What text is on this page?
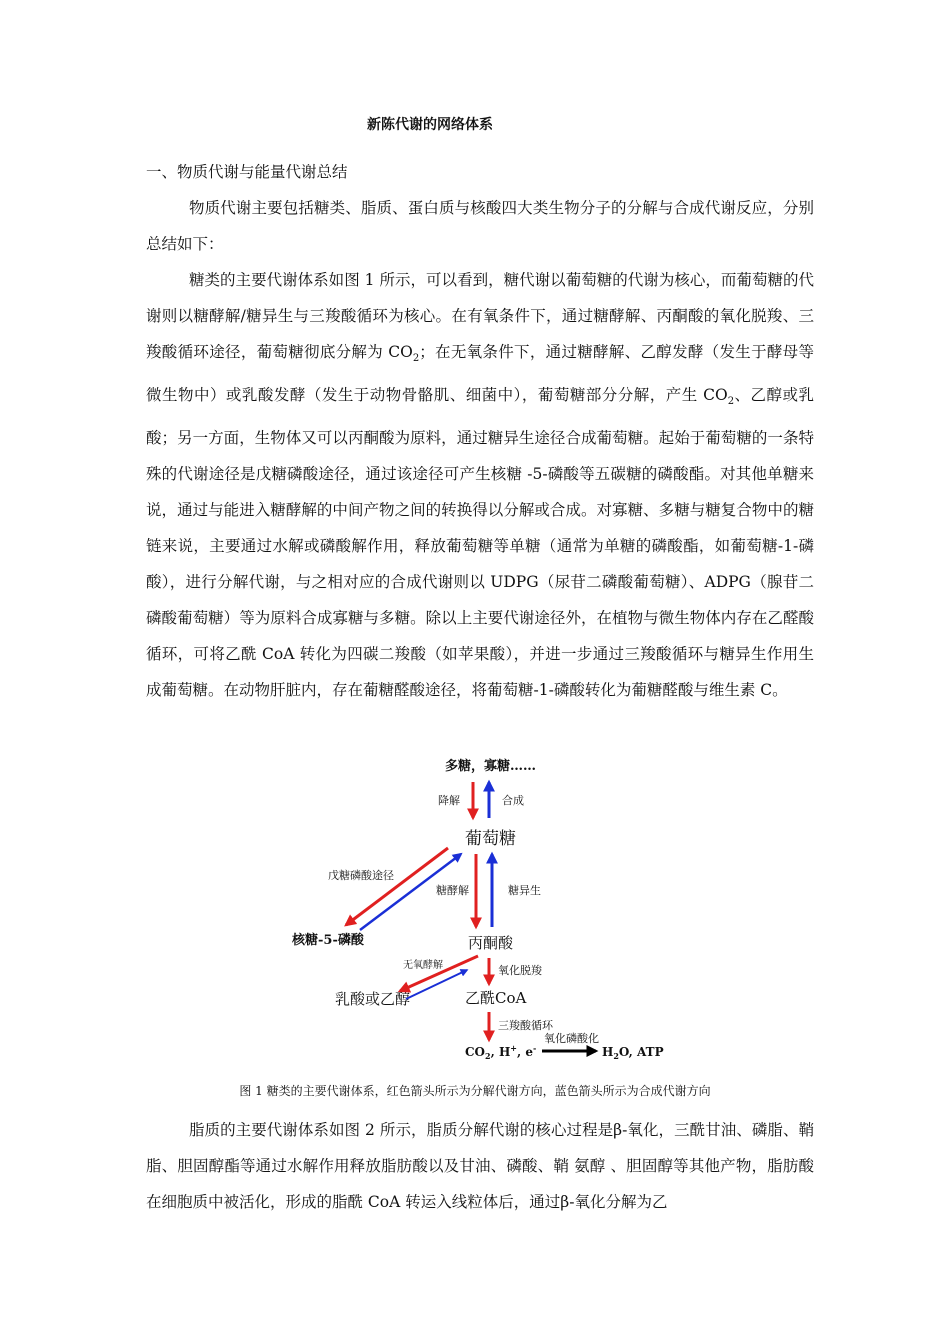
新陈代谢的网络体系
一、物质代谢与能量代谢总结

物质代谢主要包括糖类、脂质、蛋白质与核酸四大类生物分子的分解与合成代谢反应，分别总结如下：

糖类的主要代谢体系如图 1 所示，可以看到，糖代谢以葡萄糖的代谢为核心，而葡萄糖的代谢则以糖酵解/糖异生与三羧酸循环为核心。在有氧条件下，通过糖酵解、丙酮酸的氧化脱羧、三羧酸循环途径，葡萄糖彻底分解为 $CO_2$；在无氧条件下，通过糖酵解、乙醇发酵（发生于酵母等微生物中）或乳酸发酵（发生于动物骨骼肌、细菌中），葡萄糖部分分解，产生 $CO_2$、乙醇或乳酸；另一方面，生物体又可以丙酮酸为原料，通过糖异生途径合成葡萄糖。起始于葡萄糖的一条特殊的代谢途径是戊糖磷酸途径，通过该途径可产生核糖 -5-磷酸等五碳糖的磷酸酯。对其他单糖来说，通过与能进入糖酵解的中间产物之间的转换得以分解或合成。对寡糖、多糖与糖复合物中的糖链来说，主要通过水解或磷酸解作用，释放葡萄糖等单糖（通常为单糖的磷酸酯，如葡萄糖-1-磷酸），进行分解代谢，与之相对应的合成代谢则以 UDPG（尿苷二磷酸葡萄糖）、ADPG（腺苷二磷酸葡萄糖）等为原料合成寡糖与多糖。除以上主要代谢途径外，在植物与微生物体内存在乙醛酸循环，可将乙酰 CoA 转化为四碳二羧酸（如苹果酸），并进一步通过三羧酸循环与糖异生作用生成葡萄糖。在动物肝脏内，存在葡糖醛酸途径，将葡萄糖-1-磷酸转化为葡糖醛酸与维生素 C。

多糖，寡糖……
葡萄糖
核糖-5-磷酸	丙酮酸
乳酸或乙醇	乙酰CoA
$CO_2$, H+, e-	$H_2O$, ATP
降解	合成
糖酵解	糖异生
戊糖磷酸途径
无氧酵解	氧化脱羧
三羧酸循环
氧化磷酸化
图 1 糖类的主要代谢体系，红色箭头所示为分解代谢方向，蓝色箭头所示为合成代谢方向

脂质的主要代谢体系如图 2 所示，脂质分解代谢的核心过程是β-氧化，三酰甘油、磷脂、鞘脂、胆固醇酯等通过水解作用释放脂肪酸以及甘油、磷酸、鞘 氨醇 、胆固醇等其他产物，脂肪酸在细胞质中被活化，形成的脂酰 CoA 转运入线粒体后，通过β-氧化分解为乙
